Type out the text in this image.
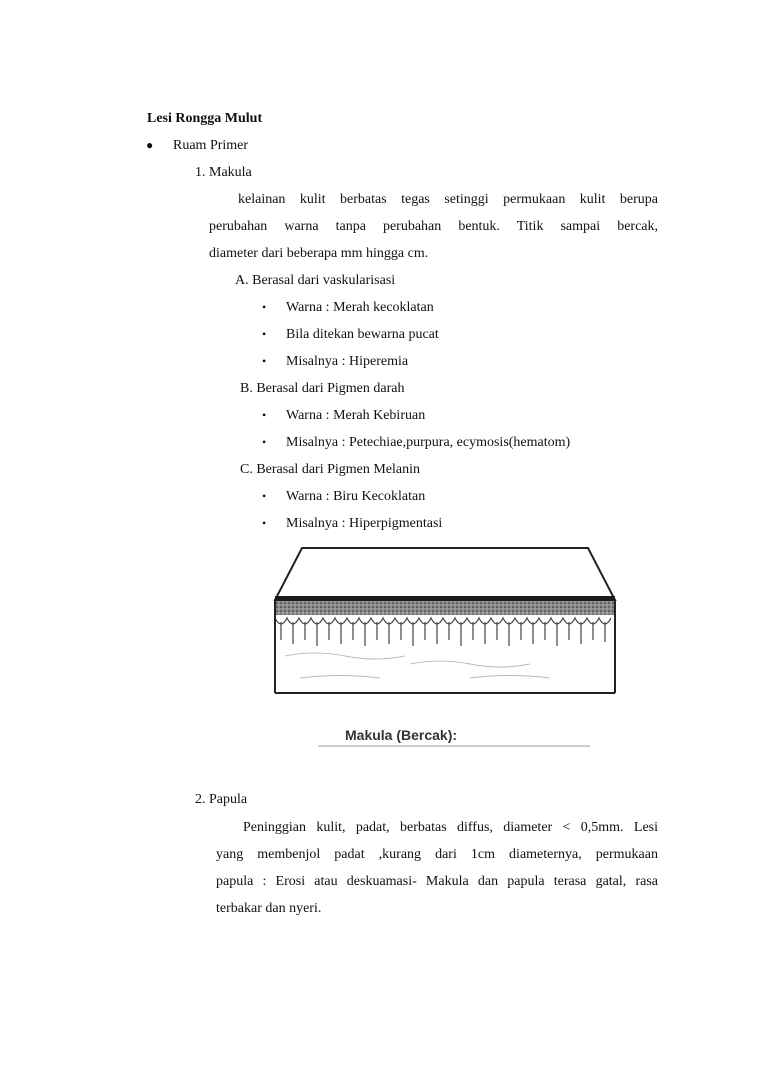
Lesi Rongga Mulut
● Ruam Primer
1. Makula
kelainan kulit berbatas tegas setinggi permukaan kulit berupa
perubahan warna tanpa perubahan bentuk. Titik sampai bercak,
diameter dari beberapa mm hingga cm.
A. Berasal dari vaskularisasi
• Warna : Merah kecoklatan
• Bila ditekan bewarna pucat
• Misalnya : Hiperemia
B. Berasal dari Pigmen darah
• Warna : Merah Kebiruan
• Misalnya : Petechiae,purpura, ecymosis(hematom)
C. Berasal dari Pigmen Melanin
• Warna : Biru Kecoklatan
• Misalnya : Hiperpigmentasi
Makula (Bercak):
2. Papula
Peninggian kulit, padat, berbatas diffus, diameter < 0,5mm. Lesi
yang membenjol padat ,kurang dari 1cm diameternya, permukaan
papula : Erosi atau deskuamasi- Makula dan papula terasa gatal, rasa
terbakar dan nyeri.
